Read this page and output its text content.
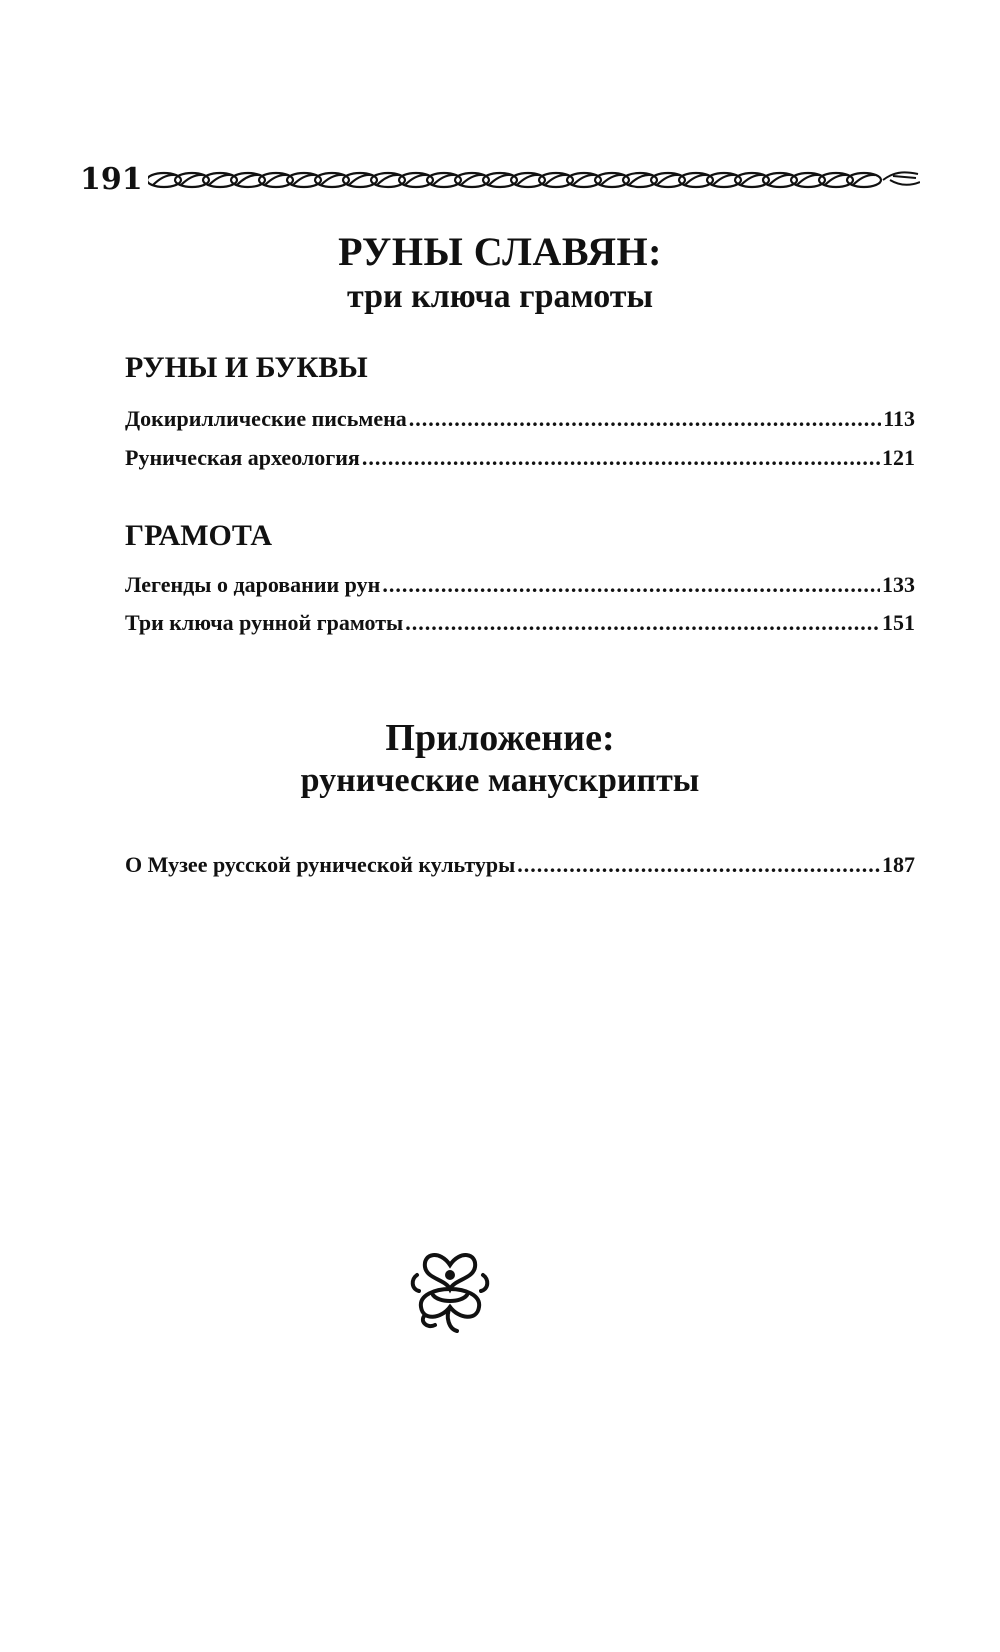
191
РУНЫ СЛАВЯН:
три ключа грамоты
РУНЫ И БУКВЫ
Докириллические письмена .....	113
Руническая археология .....	121
ГРАМОТА
Легенды о даровании рун .....	133
Три ключа рунной грамоты .....	151
Приложение:
рунические манускрипты
О Музее русской рунической культуры .....	187
